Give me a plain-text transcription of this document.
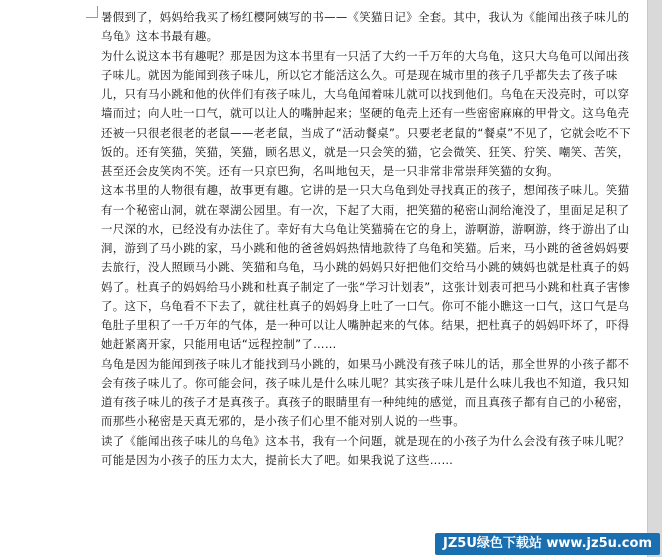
暑假到了，妈妈给我买了杨红樱阿姨写的书——《笑猫日记》全套。其中，我认为《能闻出孩子味儿的乌龟》这本书最有趣。

为什么说这本书有趣呢？那是因为这本书里有一只活了大约一千万年的大乌龟，这只大乌龟可以闻出孩子味儿。就因为能闻到孩子味儿，所以它才能活这么久。可是现在城市里的孩子几乎都失去了孩子味儿，只有马小跳和他的伙伴们有孩子味儿，大乌龟闻着味儿就可以找到他们。乌龟在天没亮时，可以穿墙而过；向人吐一口气，就可以让人的嘴肿起来；坚硬的龟壳上还有一些密密麻麻的甲骨文。这乌龟壳还被一只很老很老的老鼠——老老鼠，当成了“活动餐桌”。只要老老鼠的“餐桌”不见了，它就会吃不下饭的。还有笑猫，笑猫，笑猫，顾名思义，就是一只会笑的猫，它会微笑、狂笑、狞笑、嘲笑、苦笑，甚至还会皮笑肉不笑。还有一只京巴狗，名叫地包天，是一只非常非常崇拜笑猫的女狗。

这本书里的人物很有趣，故事更有趣。它讲的是一只大乌龟到处寻找真正的孩子，想闻孩子味儿。笑猫有一个秘密山洞，就在翠湖公园里。有一次，下起了大雨，把笑猫的秘密山洞给淹没了，里面足足积了一尺深的水，已经没有办法住了。幸好有大乌龟让笑猫骑在它的身上，游啊游，游啊游，终于游出了山洞，游到了马小跳的家，马小跳和他的爸爸妈妈热情地款待了乌龟和笑猫。后来，马小跳的爸爸妈妈要去旅行，没人照顾马小跳、笑猫和乌龟，马小跳的妈妈只好把他们交给马小跳的姨妈也就是杜真子的妈妈了。杜真子的妈妈给马小跳和杜真子制定了一张“学习计划表”，这张计划表可把马小跳和杜真子害惨了。这下，乌龟看不下去了，就往杜真子的妈妈身上吐了一口气。你可不能小瞧这一口气，这口气是乌龟肚子里积了一千万年的气体，是一种可以让人嘴肿起来的气体。结果，把杜真子的妈妈吓坏了，吓得她赶紧离开家，只能用电话“远程控制”了……

乌龟是因为能闻到孩子味儿才能找到马小跳的，如果马小跳没有孩子味儿的话，那全世界的小孩子都不会有孩子味儿了。你可能会问，孩子味儿是什么味儿呢？其实孩子味儿是什么味儿我也不知道，我只知道有孩子味儿的孩子才是真孩子。真孩子的眼睛里有一种纯纯的感觉，而且真孩子都有自己的小秘密，而那些小秘密是天真无邪的，是小孩子们心里不能对别人说的一些事。

读了《能闻出孩子味儿的乌龟》这本书，我有一个问题，就是现在的小孩子为什么会没有孩子味儿呢？可能是因为小孩子的压力太大，提前长大了吧。如果我说了这些……

JZ5U绿色下载站 www.jz5u.com
